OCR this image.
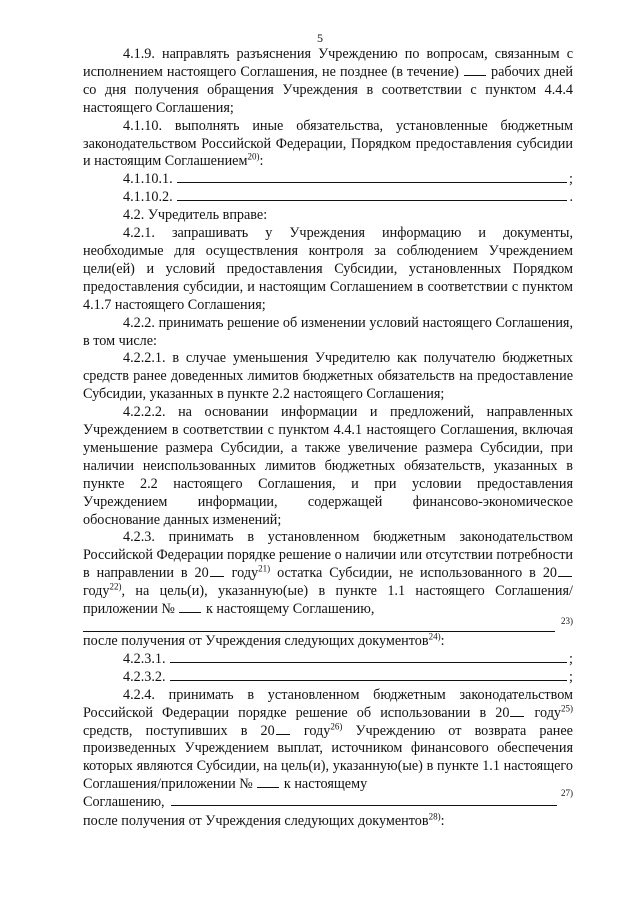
5

4.1.9. направлять разъяснения Учреждению по вопросам, связанным с исполнением настоящего Соглашения, не позднее (в течение)  рабочих дней со дня получения обращения Учреждения в соответствии с пунктом 4.4.4 настоящего Соглашения;

4.1.10. выполнять иные обязательства, установленные бюджетным законодательством Российской Федерации, Порядком предоставления субсидии и настоящим Соглашением$^{20)}$:

4.1.10.1.	;
4.1.10.2.	.

4.2. Учредитель вправе:

4.2.1. запрашивать у Учреждения информацию и документы, необходимые для осуществления контроля за соблюдением Учреждением цели(ей) и условий предоставления Субсидии, установленных Порядком предоставления субсидии, и настоящим Соглашением в соответствии с пунктом 4.1.7 настоящего Соглашения;

4.2.2. принимать решение об изменении условий настоящего Соглашения, в том числе:

4.2.2.1. в случае уменьшения Учредителю как получателю бюджетных средств ранее доведенных лимитов бюджетных обязательств на предоставление Субсидии, указанных в пункте 2.2 настоящего Соглашения;

4.2.2.2. на основании информации и предложений, направленных Учреждением в соответствии с пунктом 4.4.1 настоящего Соглашения, включая уменьшение размера Субсидии, а также увеличение размера Субсидии, при наличии неиспользованных лимитов бюджетных обязательств, указанных в пункте 2.2 настоящего Соглашения, и при условии предоставления Учреждением информации, содержащей финансово-экономическое обоснование данных изменений;

4.2.3. принимать в установленном бюджетным законодательством Российской Федерации порядке решение о наличии или отсутствии потребности в направлении в 20 году$^{21)}$ остатка Субсидии, не использованного в 20 году$^{22)}$, на цель(и), указанную(ые) в пункте 1.1 настоящего Соглашения/приложении №  к настоящему Соглашению,

23)

после получения от Учреждения следующих документов$^{24)}$:

4.2.3.1.	;
4.2.3.2.	;

4.2.4. принимать в установленном бюджетным законодательством Российской Федерации порядке решение об использовании в 20 году$^{25)}$ средств, поступивших в 20 году$^{26)}$ Учреждению от возврата ранее произведенных Учреждением выплат, источником финансового обеспечения которых являются Субсидии, на цель(и), указанную(ые) в пункте 1.1 настоящего Соглашения/приложении №  к настоящему

Соглашению,
27)

после получения от Учреждения следующих документов$^{28)}$:
